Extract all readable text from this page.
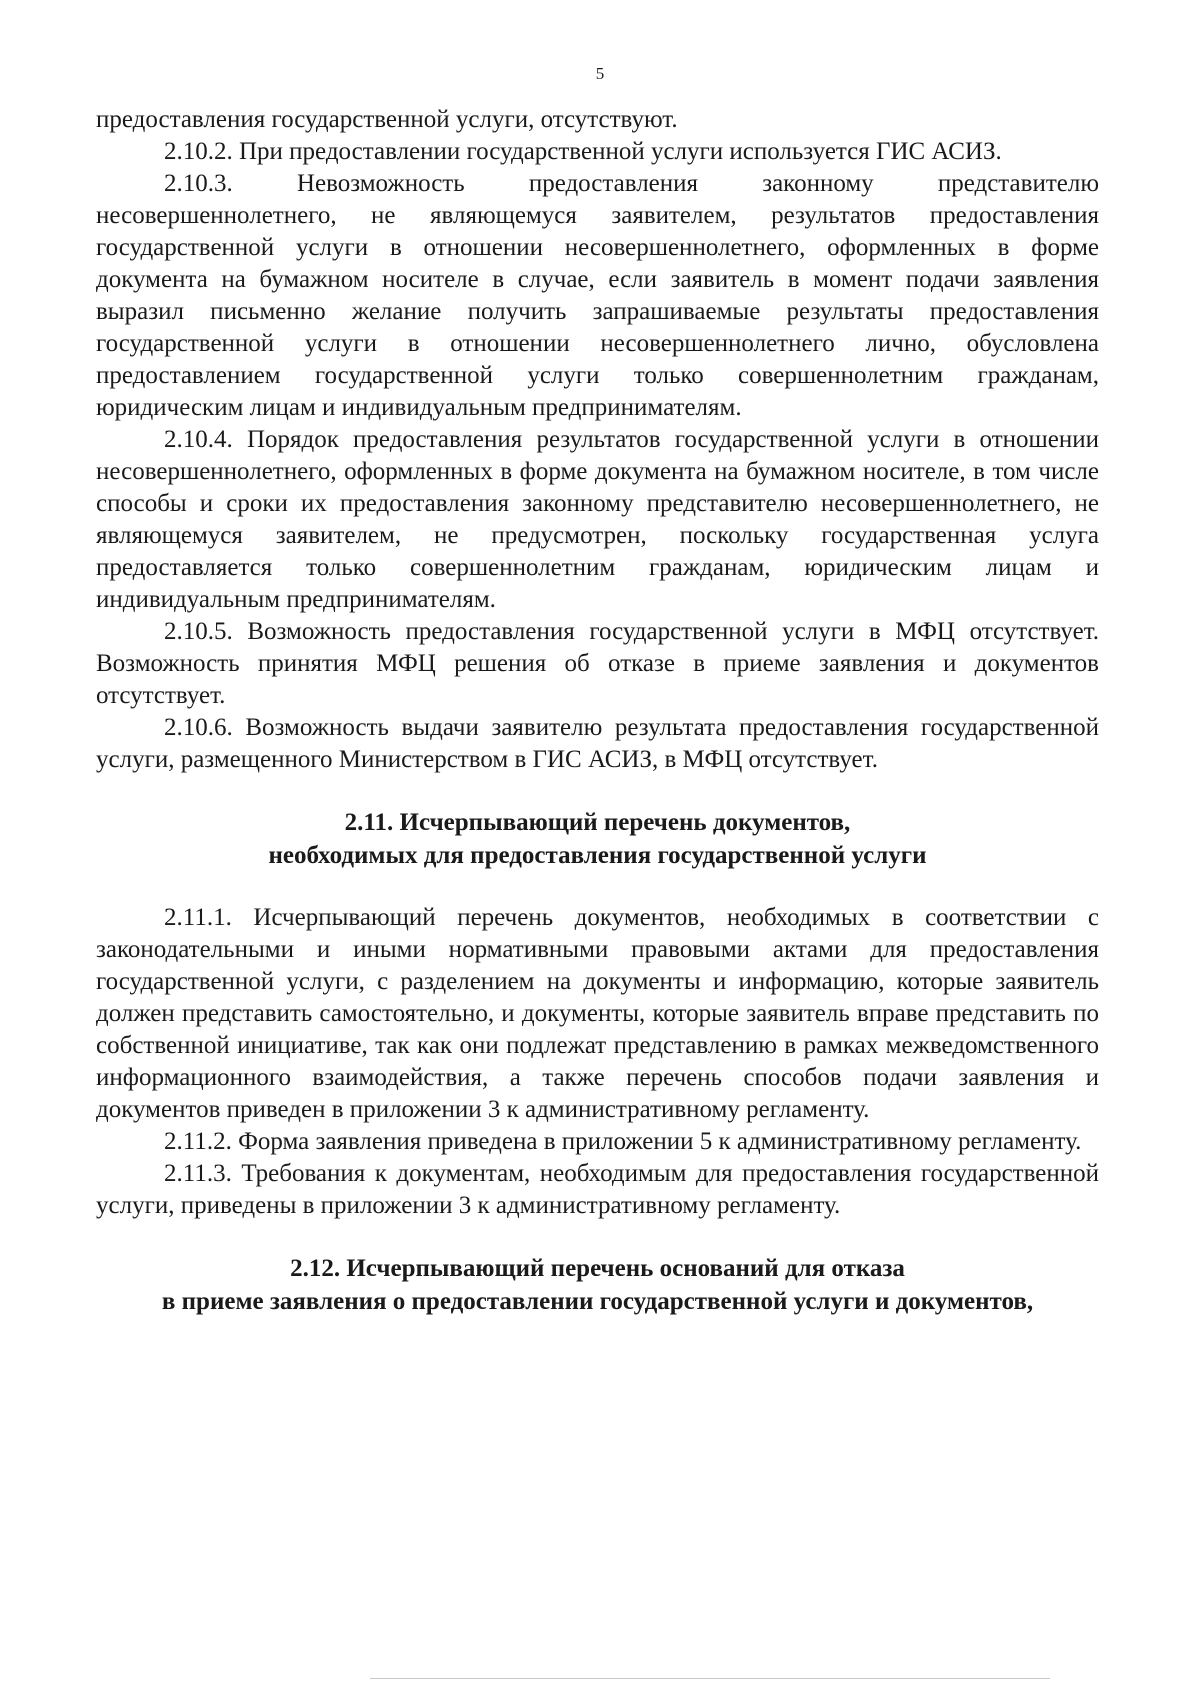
5

предоставления государственной услуги, отсутствуют.

2.10.2. При предоставлении государственной услуги используется ГИС АСИЗ.

2.10.3. Невозможность предоставления законному представителю несовершеннолетнего, не являющемуся заявителем, результатов предоставления государственной услуги в отношении несовершеннолетнего, оформленных в форме документа на бумажном носителе в случае, если заявитель в момент подачи заявления выразил письменно желание получить запрашиваемые результаты предоставления государственной услуги в отношении несовершеннолетнего лично, обусловлена предоставлением государственной услуги только совершеннолетним гражданам, юридическим лицам и индивидуальным предпринимателям.

2.10.4. Порядок предоставления результатов государственной услуги в отношении несовершеннолетнего, оформленных в форме документа на бумажном носителе, в том числе способы и сроки их предоставления законному представителю несовершеннолетнего, не являющемуся заявителем, не предусмотрен, поскольку государственная услуга предоставляется только совершеннолетним гражданам, юридическим лицам и индивидуальным предпринимателям.

2.10.5. Возможность предоставления государственной услуги в МФЦ отсутствует. Возможность принятия МФЦ решения об отказе в приеме заявления и документов отсутствует.

2.10.6. Возможность выдачи заявителю результата предоставления государственной услуги, размещенного Министерством в ГИС АСИЗ, в МФЦ отсутствует.

2.11. Исчерпывающий перечень документов,
необходимых для предоставления государственной услуги

2.11.1. Исчерпывающий перечень документов, необходимых в соответствии с законодательными и иными нормативными правовыми актами для предоставления государственной услуги, с разделением на документы и информацию, которые заявитель должен представить самостоятельно, и документы, которые заявитель вправе представить по собственной инициативе, так как они подлежат представлению в рамках межведомственного информационного взаимодействия, а также перечень способов подачи заявления и документов приведен в приложении 3 к административному регламенту.

2.11.2. Форма заявления приведена в приложении 5 к административному регламенту.

2.11.3. Требования к документам, необходимым для предоставления государственной услуги, приведены в приложении 3 к административному регламенту.

2.12. Исчерпывающий перечень оснований для отказа
в приеме заявления о предоставлении государственной услуги и документов,
